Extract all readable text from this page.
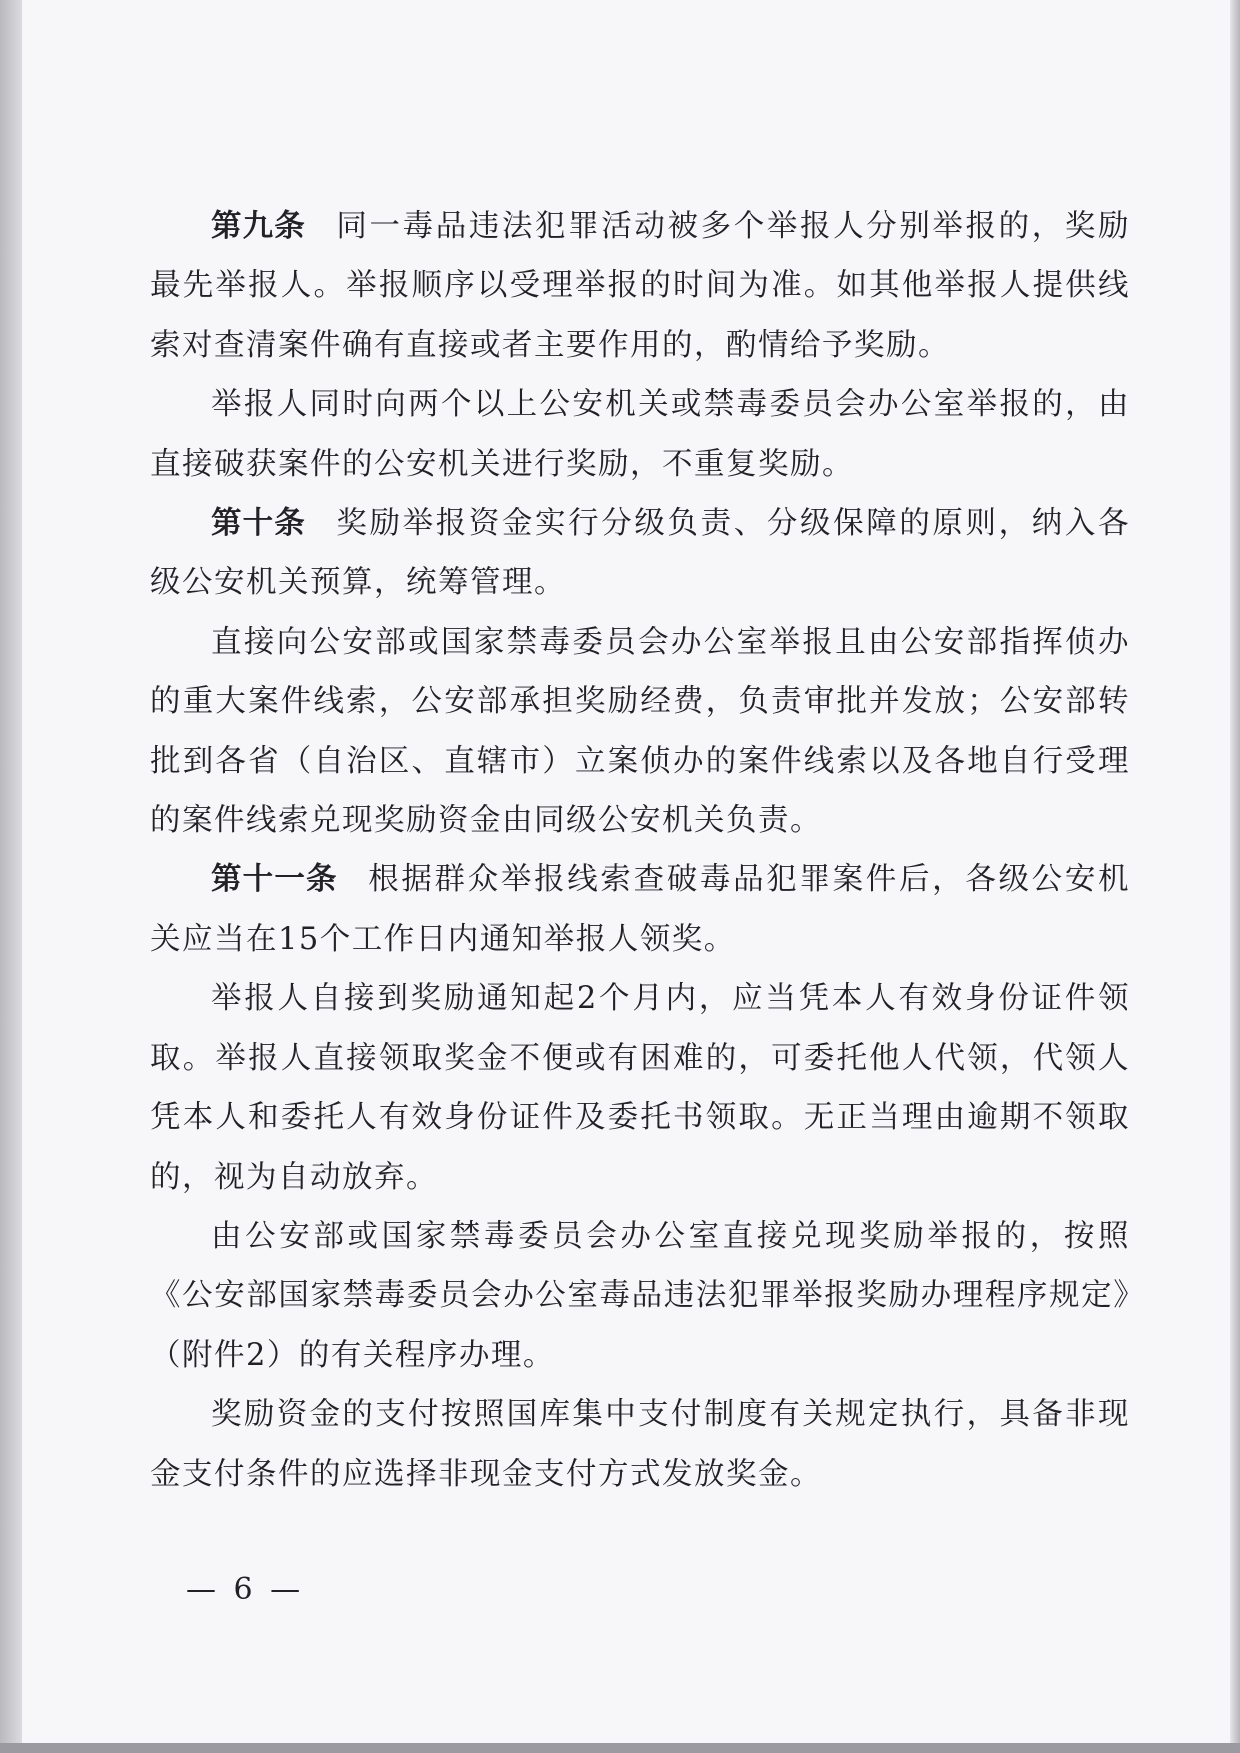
第九条 同一毒品违法犯罪活动被多个举报人分别举报的，奖励最先举报人。举报顺序以受理举报的时间为准。如其他举报人提供线索对查清案件确有直接或者主要作用的，酌情给予奖励。

举报人同时向两个以上公安机关或禁毒委员会办公室举报的，由直接破获案件的公安机关进行奖励，不重复奖励。

第十条 奖励举报资金实行分级负责、分级保障的原则，纳入各级公安机关预算，统筹管理。

直接向公安部或国家禁毒委员会办公室举报且由公安部指挥侦办的重大案件线索，公安部承担奖励经费，负责审批并发放；公安部转批到各省（自治区、直辖市）立案侦办的案件线索以及各地自行受理的案件线索兑现奖励资金由同级公安机关负责。

第十一条 根据群众举报线索查破毒品犯罪案件后，各级公安机关应当在15个工作日内通知举报人领奖。

举报人自接到奖励通知起2个月内，应当凭本人有效身份证件领取。举报人直接领取奖金不便或有困难的，可委托他人代领，代领人凭本人和委托人有效身份证件及委托书领取。无正当理由逾期不领取的，视为自动放弃。

由公安部或国家禁毒委员会办公室直接兑现奖励举报的，按照《公安部国家禁毒委员会办公室毒品违法犯罪举报奖励办理程序规定》（附件2）的有关程序办理。

奖励资金的支付按照国库集中支付制度有关规定执行，具备非现金支付条件的应选择非现金支付方式发放奖金。

— 6 —
